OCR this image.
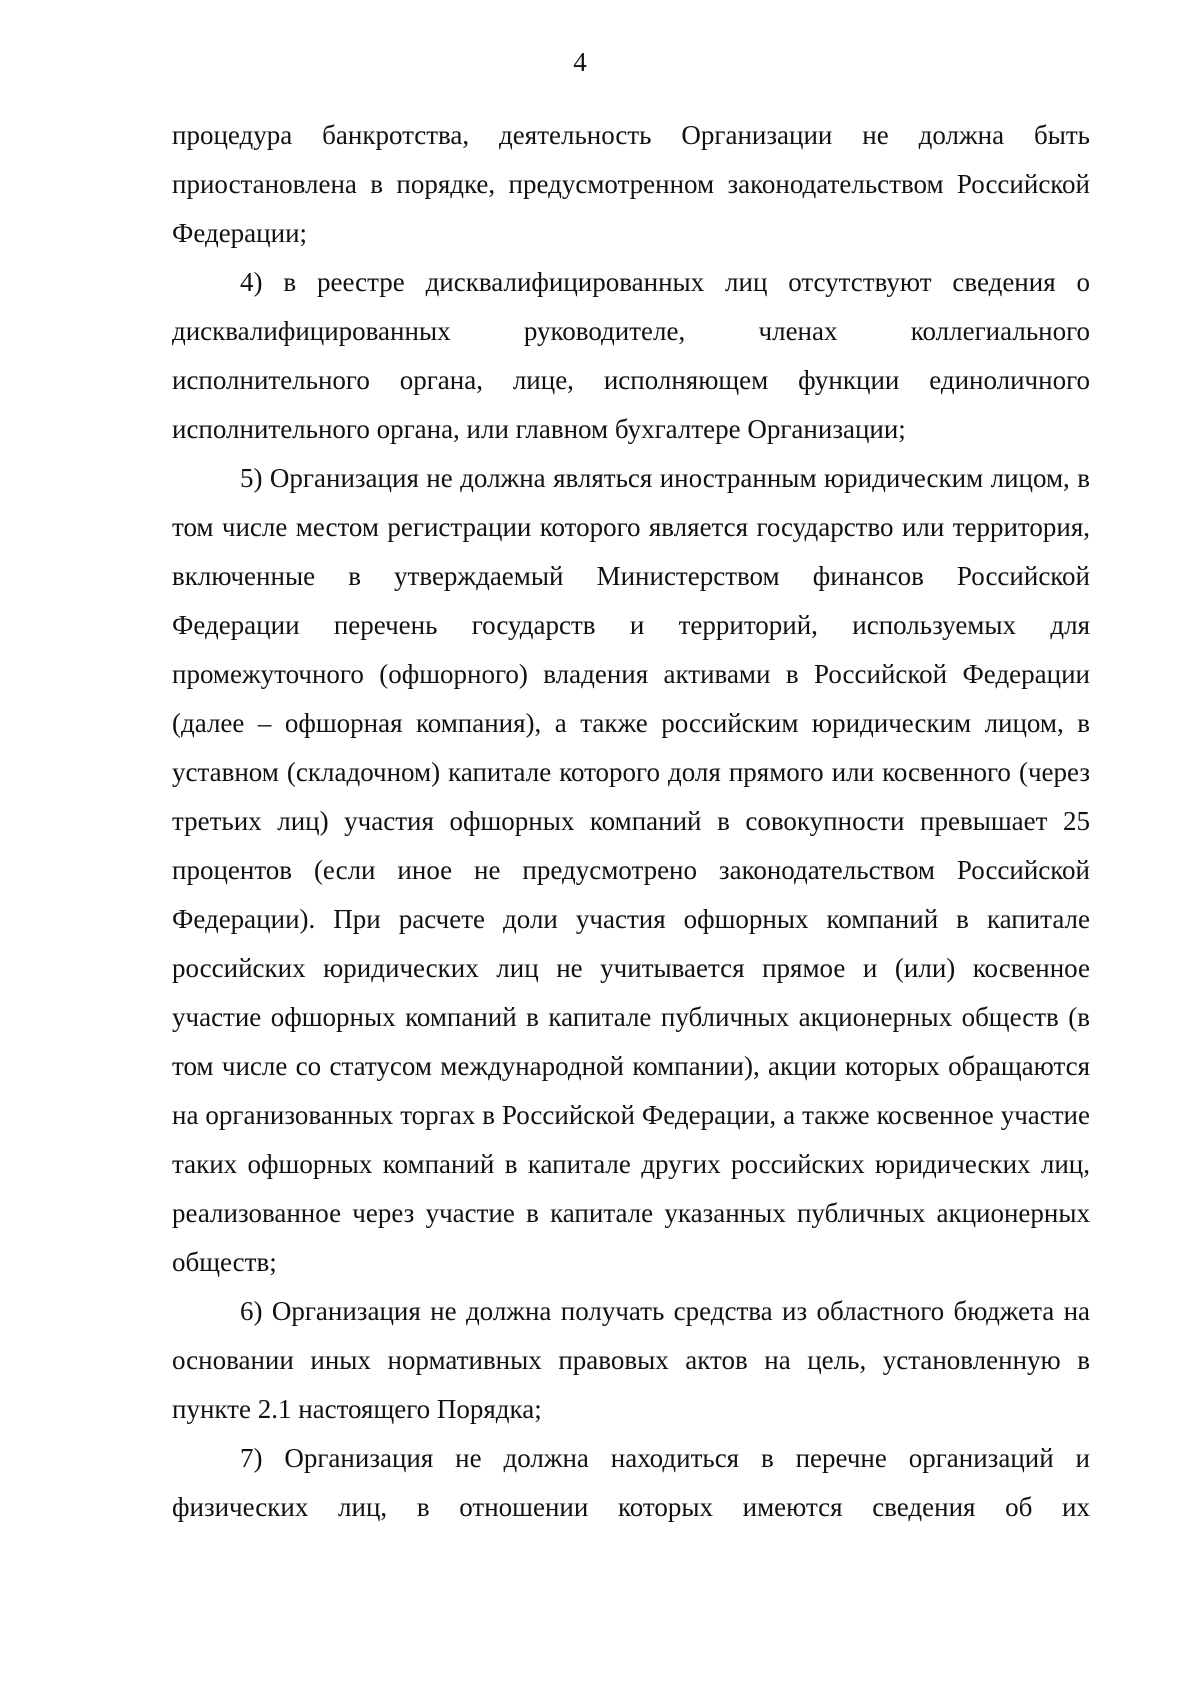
4

процедура банкротства, деятельность Организации не должна быть приостановлена в порядке, предусмотренном законодательством Российской Федерации;

4) в реестре дисквалифицированных лиц отсутствуют сведения о дисквалифицированных руководителе, членах коллегиального исполнительного органа, лице, исполняющем функции единоличного исполнительного органа, или главном бухгалтере Организации;

5) Организация не должна являться иностранным юридическим лицом, в том числе местом регистрации которого является государство или территория, включенные в утверждаемый Министерством финансов Российской Федерации перечень государств и территорий, используемых для промежуточного (офшорного) владения активами в Российской Федерации (далее – офшорная компания), а также российским юридическим лицом, в уставном (складочном) капитале которого доля прямого или косвенного (через третьих лиц) участия офшорных компаний в совокупности превышает 25 процентов (если иное не предусмотрено законодательством Российской Федерации). При расчете доли участия офшорных компаний в капитале российских юридических лиц не учитывается прямое и (или) косвенное участие офшорных компаний в капитале публичных акционерных обществ (в том числе со статусом международной компании), акции которых обращаются на организованных торгах в Российской Федерации, а также косвенное участие таких офшорных компаний в капитале других российских юридических лиц, реализованное через участие в капитале указанных публичных акционерных обществ;

6) Организация не должна получать средства из областного бюджета на основании иных нормативных правовых актов на цель, установленную в пункте 2.1 настоящего Порядка;

7) Организация не должна находиться в перечне организаций и физических лиц, в отношении которых имеются сведения об их
